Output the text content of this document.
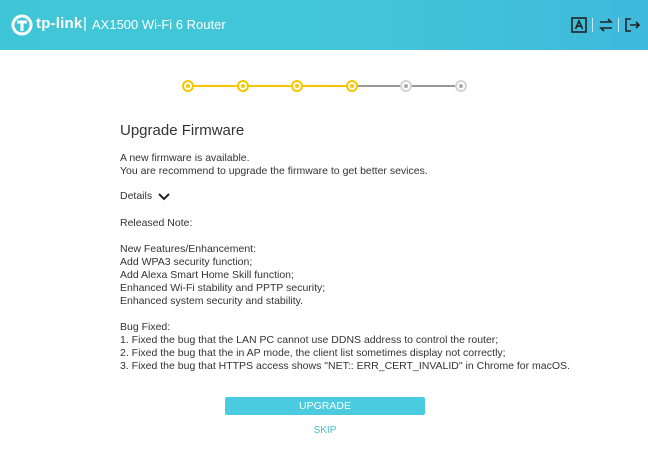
tp-link | AX1500 Wi-Fi 6 Router
Upgrade Firmware
A new firmware is available.
You are recommend to upgrade the firmware to get better sevices.
Details
Released Note:
New Features/Enhancement:
Add WPA3 security function;
Add Alexa Smart Home Skill function;
Enhanced Wi-Fi stability and PPTP security;
Enhanced system security and stability.
Bug Fixed:
1. Fixed the bug that the LAN PC cannot use DDNS address to control the router;
2. Fixed the bug that the in AP mode, the client list sometimes display not correctly;
3. Fixed the bug that HTTPS access shows "NET:: ERR_CERT_INVALID" in Chrome for macOS.
UPGRADE
SKIP
